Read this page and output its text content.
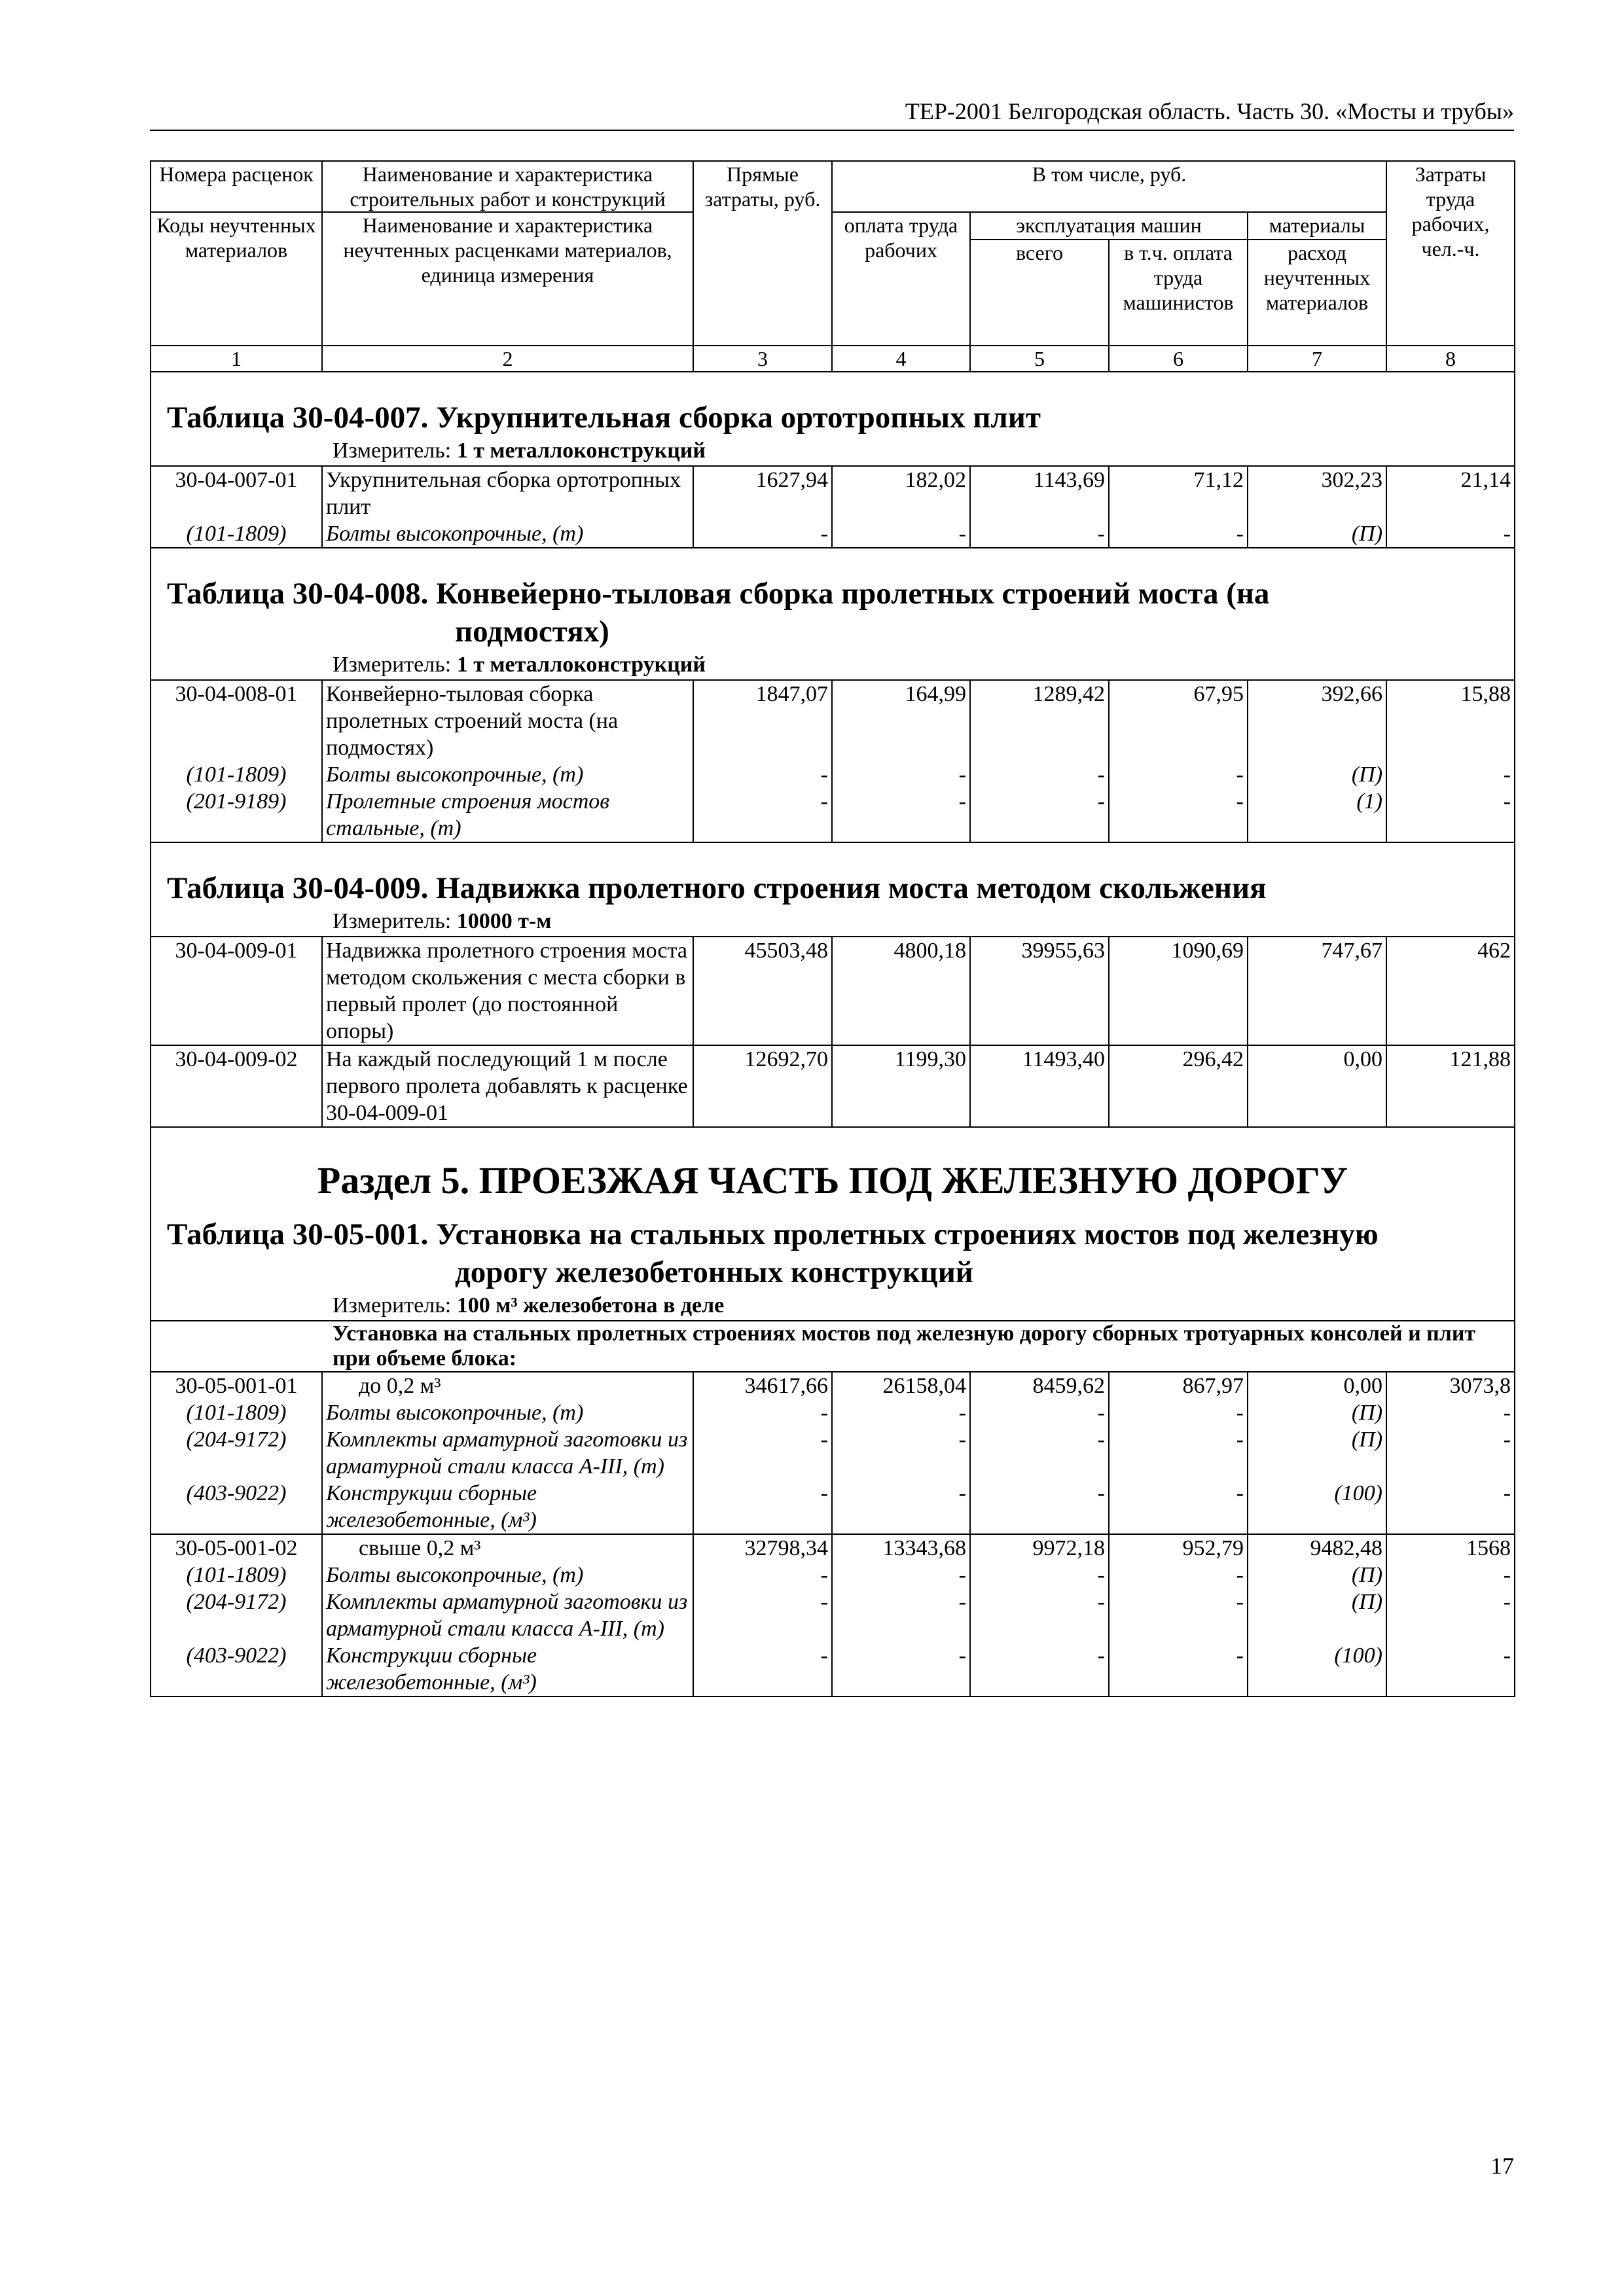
ТЕР-2001 Белгородская область. Часть 30. «Мосты и трубы»
Номера расценок	Наименование и характеристика строительных работ и конструкций	Прямые затраты, руб.	В том числе, руб.				Затраты труда рабочих, чел.-ч.
Коды неучтенных материалов	Наименование и характеристика неучтенных расценками материалов, единица измерения		оплата труда рабочих	эксплуатация машин		материалы	
				всего	в т.ч. оплата труда машинистов	расход неучтенных материалов	

1	2	3	4	5	6	7	8
Таблица 30-04-007. Укрупнительная сборка ортотропных плит							
Измеритель: 1 т металлоконструкций							
30-04-007-01	Укрупнительная сборка ортотропных плит	1627,94	182,02	1143,69	71,12	302,23	21,14
(101-1809)	Болты высокопрочные, (т)	-	-	-	-	(П)	-
Таблица 30-04-008. Конвейерно-тыловая сборка пролетных строений моста (на
подмостях)							

Измеритель: 1 т металлоконструкций							
30-04-008-01	Конвейерно-тыловая сборка пролетных строений моста (на подмостях)	1847,07	164,99	1289,42	67,95	392,66	15,88
(101-1809)	Болты высокопрочные, (т)	-	-	-	-	(П)	-
(201-9189)	Пролетные строения мостов стальные, (т)	-	-	-	-	(1)	-
Таблица 30-04-009. Надвижка пролетного строения моста методом скольжения							
Измеритель: 10000 т-м							
30-04-009-01	Надвижка пролетного строения моста методом скольжения с места сборки в первый пролет (до постоянной опоры)	45503,48	4800,18	39955,63	1090,69	747,67	462
30-04-009-02	На каждый последующий 1 м после первого пролета добавлять к расценке 30-04-009-01	12692,70	1199,30	11493,40	296,42	0,00	121,88
Раздел 5. ПРОЕЗЖАЯ ЧАСТЬ ПОД ЖЕЛЕЗНУЮ ДОРОГУ							
Таблица 30-05-001. Установка на стальных пролетных строениях мостов под железную
дорогу железобетонных конструкций							

Измеритель: 100 м³ железобетона в деле							
Установка на стальных пролетных строениях мостов под железную дорогу сборных тротуарных консолей и плит при объеме блока:							
30-05-001-01	до 0,2 м³	34617,66	26158,04	8459,62	867,97	0,00	3073,8
(101-1809)	Болты высокопрочные, (т)	-	-	-	-	(П)	-
(204-9172)	Комплекты арматурной заготовки из арматурной стали класса А-III, (т)	-	-	-	-	(П)	-
(403-9022)	Конструкции сборные железобетонные, (м³)	-	-	-	-	(100)	-
30-05-001-02	свыше 0,2 м³	32798,34	13343,68	9972,18	952,79	9482,48	1568
(101-1809)	Болты высокопрочные, (т)	-	-	-	-	(П)	-
(204-9172)	Комплекты арматурной заготовки из арматурной стали класса А-III, (т)	-	-	-	-	(П)	-
(403-9022)	Конструкции сборные железобетонные, (м³)	-	-	-	-	(100)	-
17
